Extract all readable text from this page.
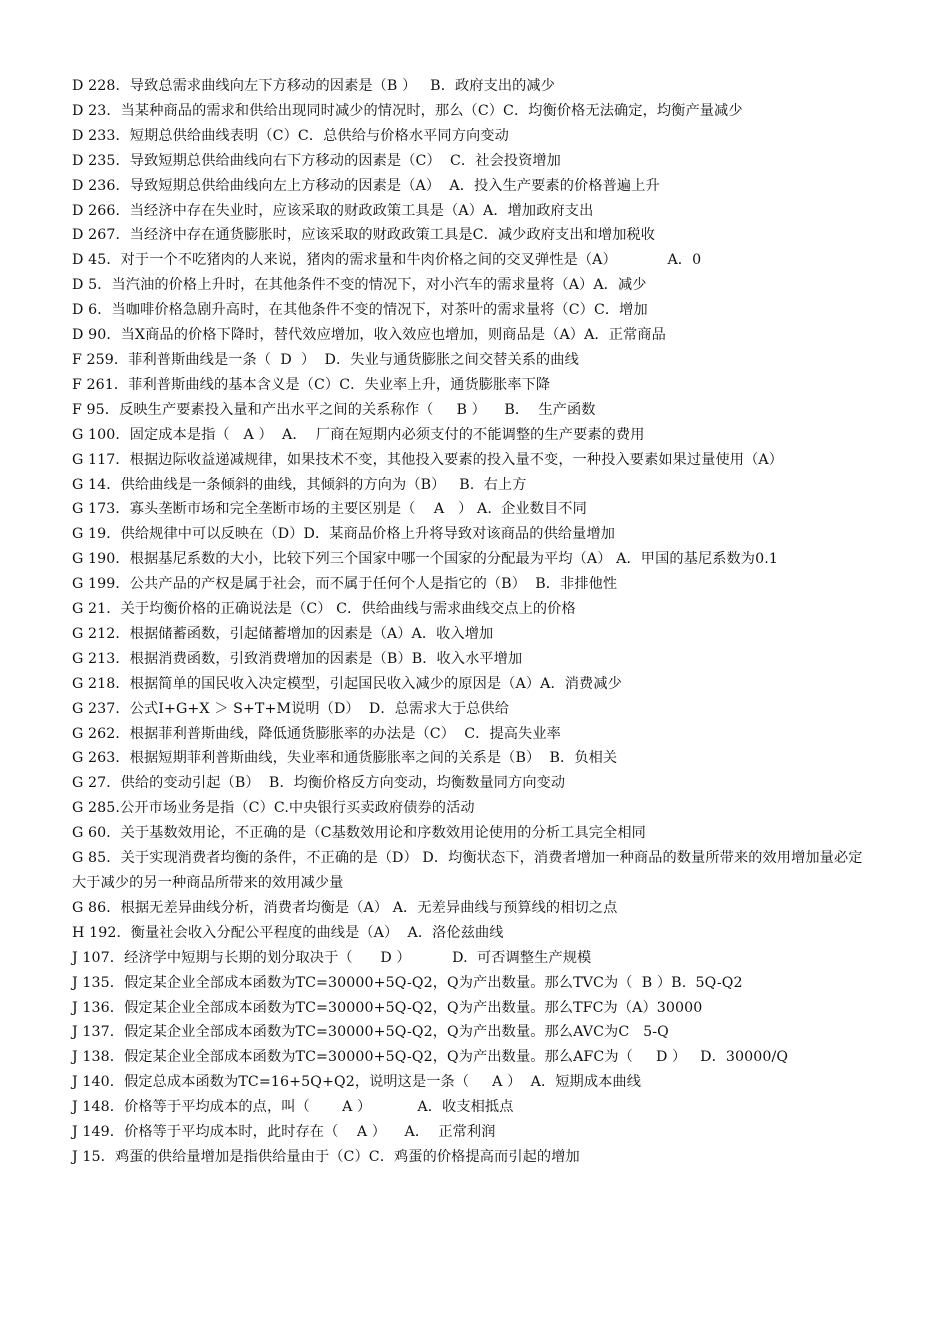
D 228．导致总需求曲线向左下方移动的因素是（B ）   B．政府支出的减少

D 23．当某种商品的需求和供给出现同时减少的情况时，那么（C）C．均衡价格无法确定，均衡产量减少

D 233．短期总供给曲线表明（C）C．总供给与价格水平同方向变动

D 235．导致短期总供给曲线向右下方移动的因素是（C）  C．社会投资增加

D 236．导致短期总供给曲线向左上方移动的因素是（A）  A．投入生产要素的价格普遍上升

D 266．当经济中存在失业时，应该采取的财政政策工具是（A）A．增加政府支出

D 267．当经济中存在通货膨胀时，应该采取的财政政策工具是C．减少政府支出和增加税收

D 45．对于一个不吃猪肉的人来说，猪肉的需求量和牛肉价格之间的交叉弹性是（A）           A．0

D 5．当汽油的价格上升时，在其他条件不变的情况下，对小汽车的需求量将（A）A．减少

D 6．当咖啡价格急剧升高时，在其他条件不变的情况下，对茶叶的需求量将（C）C．增加

D 90．当X商品的价格下降时，替代效应增加，收入效应也增加，则商品是（A）A．正常商品

F 259．菲利普斯曲线是一条（  D  ）  D．失业与通货膨胀之间交替关系的曲线

F 261．菲利普斯曲线的基本含义是（C）C．失业率上升，通货膨胀率下降

F 95．反映生产要素投入量和产出水平之间的关系称作（     B ）    B．  生产函数

G 100．固定成本是指（   A ）  A．  厂商在短期内必须支付的不能调整的生产要素的费用

G 117．根据边际收益递减规律，如果技术不变，其他投入要素的投入量不变，一种投入要素如果过量使用（A）

G 14．供给曲线是一条倾斜的曲线，其倾斜的方向为（B）   B.  右上方

G 173．寡头垄断市场和完全垄断市场的主要区别是（    A   ） A.  企业数目不同

G 19．供给规律中可以反映在（D）D．某商品价格上升将导致对该商品的供给量增加

G 190．根据基尼系数的大小，比较下列三个国家中哪一个国家的分配最为平均（A） A．甲国的基尼系数为0.1

G 199．公共产品的产权是属于社会，而不属于任何个人是指它的（B）  B．非排他性

G 21．关于均衡价格的正确说法是（C） C．供给曲线与需求曲线交点上的价格

G 212．根据储蓄函数，引起储蓄增加的因素是（A）A．收入增加

G 213．根据消费函数，引致消费增加的因素是（B）B．收入水平增加

G 218．根据简单的国民收入决定模型，引起国民收入减少的原因是（A）A．消费减少

G 237．公式I+G+X ＞ S+T+M说明（D）  D．总需求大于总供给

G 262．根据菲利普斯曲线，降低通货膨胀率的办法是（C）  C．提高失业率

G 263．根据短期菲利普斯曲线，失业率和通货膨胀率之间的关系是（B）  B．负相关

G 27．供给的变动引起（B）  B．均衡价格反方向变动，均衡数量同方向变动

G 285.公开市场业务是指（C）C.中央银行买卖政府债券的活动

G 60．关于基数效用论，不正确的是（C基数效用论和序数效用论使用的分析工具完全相同

G 85．关于实现消费者均衡的条件，不正确的是（D） D．均衡状态下，消费者增加一种商品的数量所带来的效用增加量必定大于减少的另一种商品所带来的效用减少量

G 86．根据无差异曲线分析，消费者均衡是（A） A．无差异曲线与预算线的相切之点

H 192．衡量社会收入分配公平程度的曲线是（A）  A．洛伦兹曲线

J 107．经济学中短期与长期的划分取决于（      D ）         D.  可否调整生产规模

J 135．假定某企业全部成本函数为TC=30000+5Q-Q2，Q为产出数量。那么TVC为（  B ）B.  5Q-Q2

J 136．假定某企业全部成本函数为TC=30000+5Q-Q2，Q为产出数量。那么TFC为（A）30000

J 137．假定某企业全部成本函数为TC=30000+5Q-Q2，Q为产出数量。那么AVC为C   5-Q

J 138．假定某企业全部成本函数为TC=30000+5Q-Q2，Q为产出数量。那么AFC为（     D ）   D．30000/Q

J 140．假定总成本函数为TC=16+5Q+Q2，说明这是一条（     A ）  A．短期成本曲线

J 148．价格等于平均成本的点，叫（       A ）          A．收支相抵点

J 149．价格等于平均成本时，此时存在（    A ）    A．  正常利润

J 15．鸡蛋的供给量增加是指供给量由于（C）C．鸡蛋的价格提高而引起的增加
